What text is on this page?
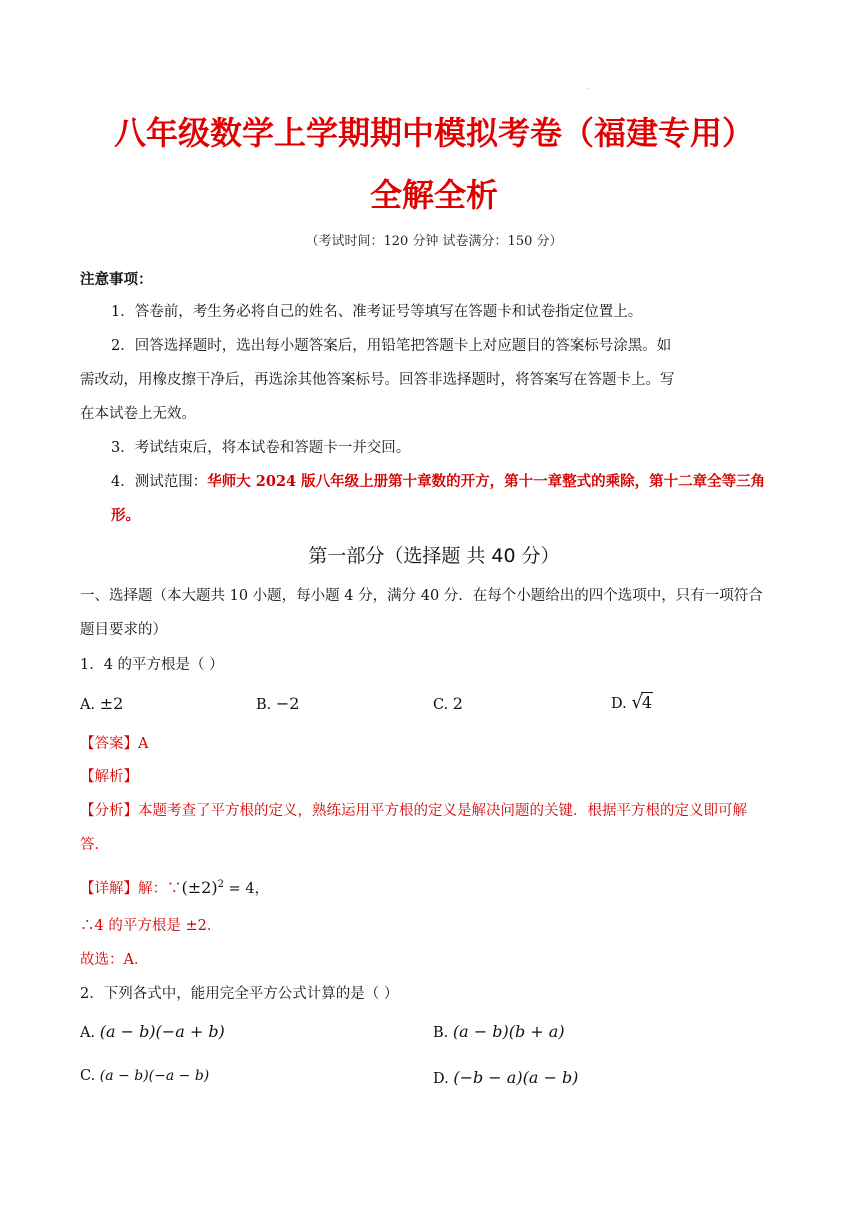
·
八年级数学上学期期中模拟考卷（福建专用）
全解全析
（考试时间：120 分钟 试卷满分：150 分）
注意事项：
1．答卷前，考生务必将自己的姓名、准考证号等填写在答题卡和试卷指定位置上。
2．回答选择题时，选出每小题答案后，用铅笔把答题卡上对应题目的答案标号涂黑。如
需改动，用橡皮擦干净后，再选涂其他答案标号。回答非选择题时，将答案写在答题卡上。写
在本试卷上无效。
3．考试结束后，将本试卷和答题卡一并交回。
4．测试范围：华师大 2024 版八年级上册第十章数的开方，第十一章整式的乘除，第十二章全等三角
形。
第一部分（选择题 共 40 分）
一、选择题（本大题共 10 小题，每小题 4 分，满分 40 分．在每个小题给出的四个选项中，只有一项符合
题目要求的）
1．4 的平方根是（ ）
A. ±2	B. −2	C. 2	D. √4
【答案】A
【解析】
【分析】本题考查了平方根的定义，熟练运用平方根的定义是解决问题的关键．根据平方根的定义即可解
答．
【详解】解：$\because(\pm 2)^2 = 4$，
∴4 的平方根是 ±2．
故选：A．
2．下列各式中，能用完全平方公式计算的是（ ）
A. (a − b)(−a + b)	B. (a − b)(b + a)
C. (a − b)(−a − b)	D. (−b − a)(a − b)
